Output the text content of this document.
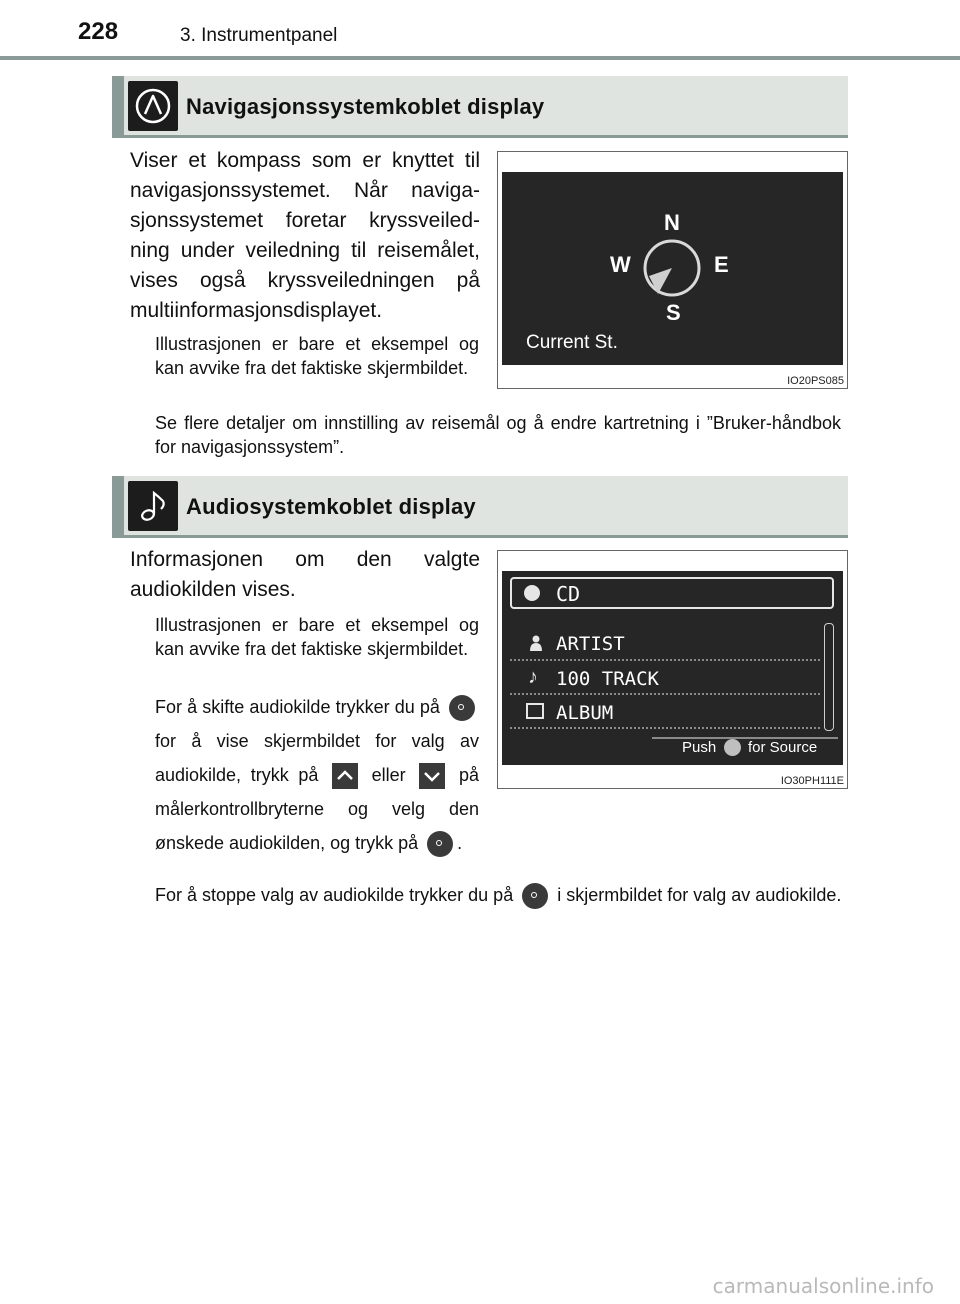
228	3. Instrumentpanel
Navigasjonssystemkoblet display
Viser et kompass som er knyttet til navigasjonssystemet. Når naviga-sjonssystemet foretar kryssveiled-ning under veiledning til reisemålet, vises også kryssveiledningen på multiinformasjonsdisplayet.
Illustrasjonen er bare et eksempel og kan avvike fra det faktiske skjermbildet.
Se flere detaljer om innstilling av reisemål og å endre kartretning i ”Bruker-håndbok for navigasjonssystem”.
N
E
S
W
Current St.
IO20PS085
Audiosystemkoblet display
Informasjonen om den valgte audiokilden vises.
Illustrasjonen er bare et eksempel og kan avvike fra det faktiske skjermbildet.
For å skifte audiokilde trykker du på  for å vise skjermbildet for valg av audiokilde, trykk på	eller	på målerkontrollbryterne og velg den ønskede audiokilden, og trykk på .
For å stoppe valg av audiokilde trykker du på i skjermbildet for valg av audiokilde.
CD
ARTIST
♪ 100 TRACK
ALBUM
Push for Source
IO30PH111E
carmanualsonline.info
